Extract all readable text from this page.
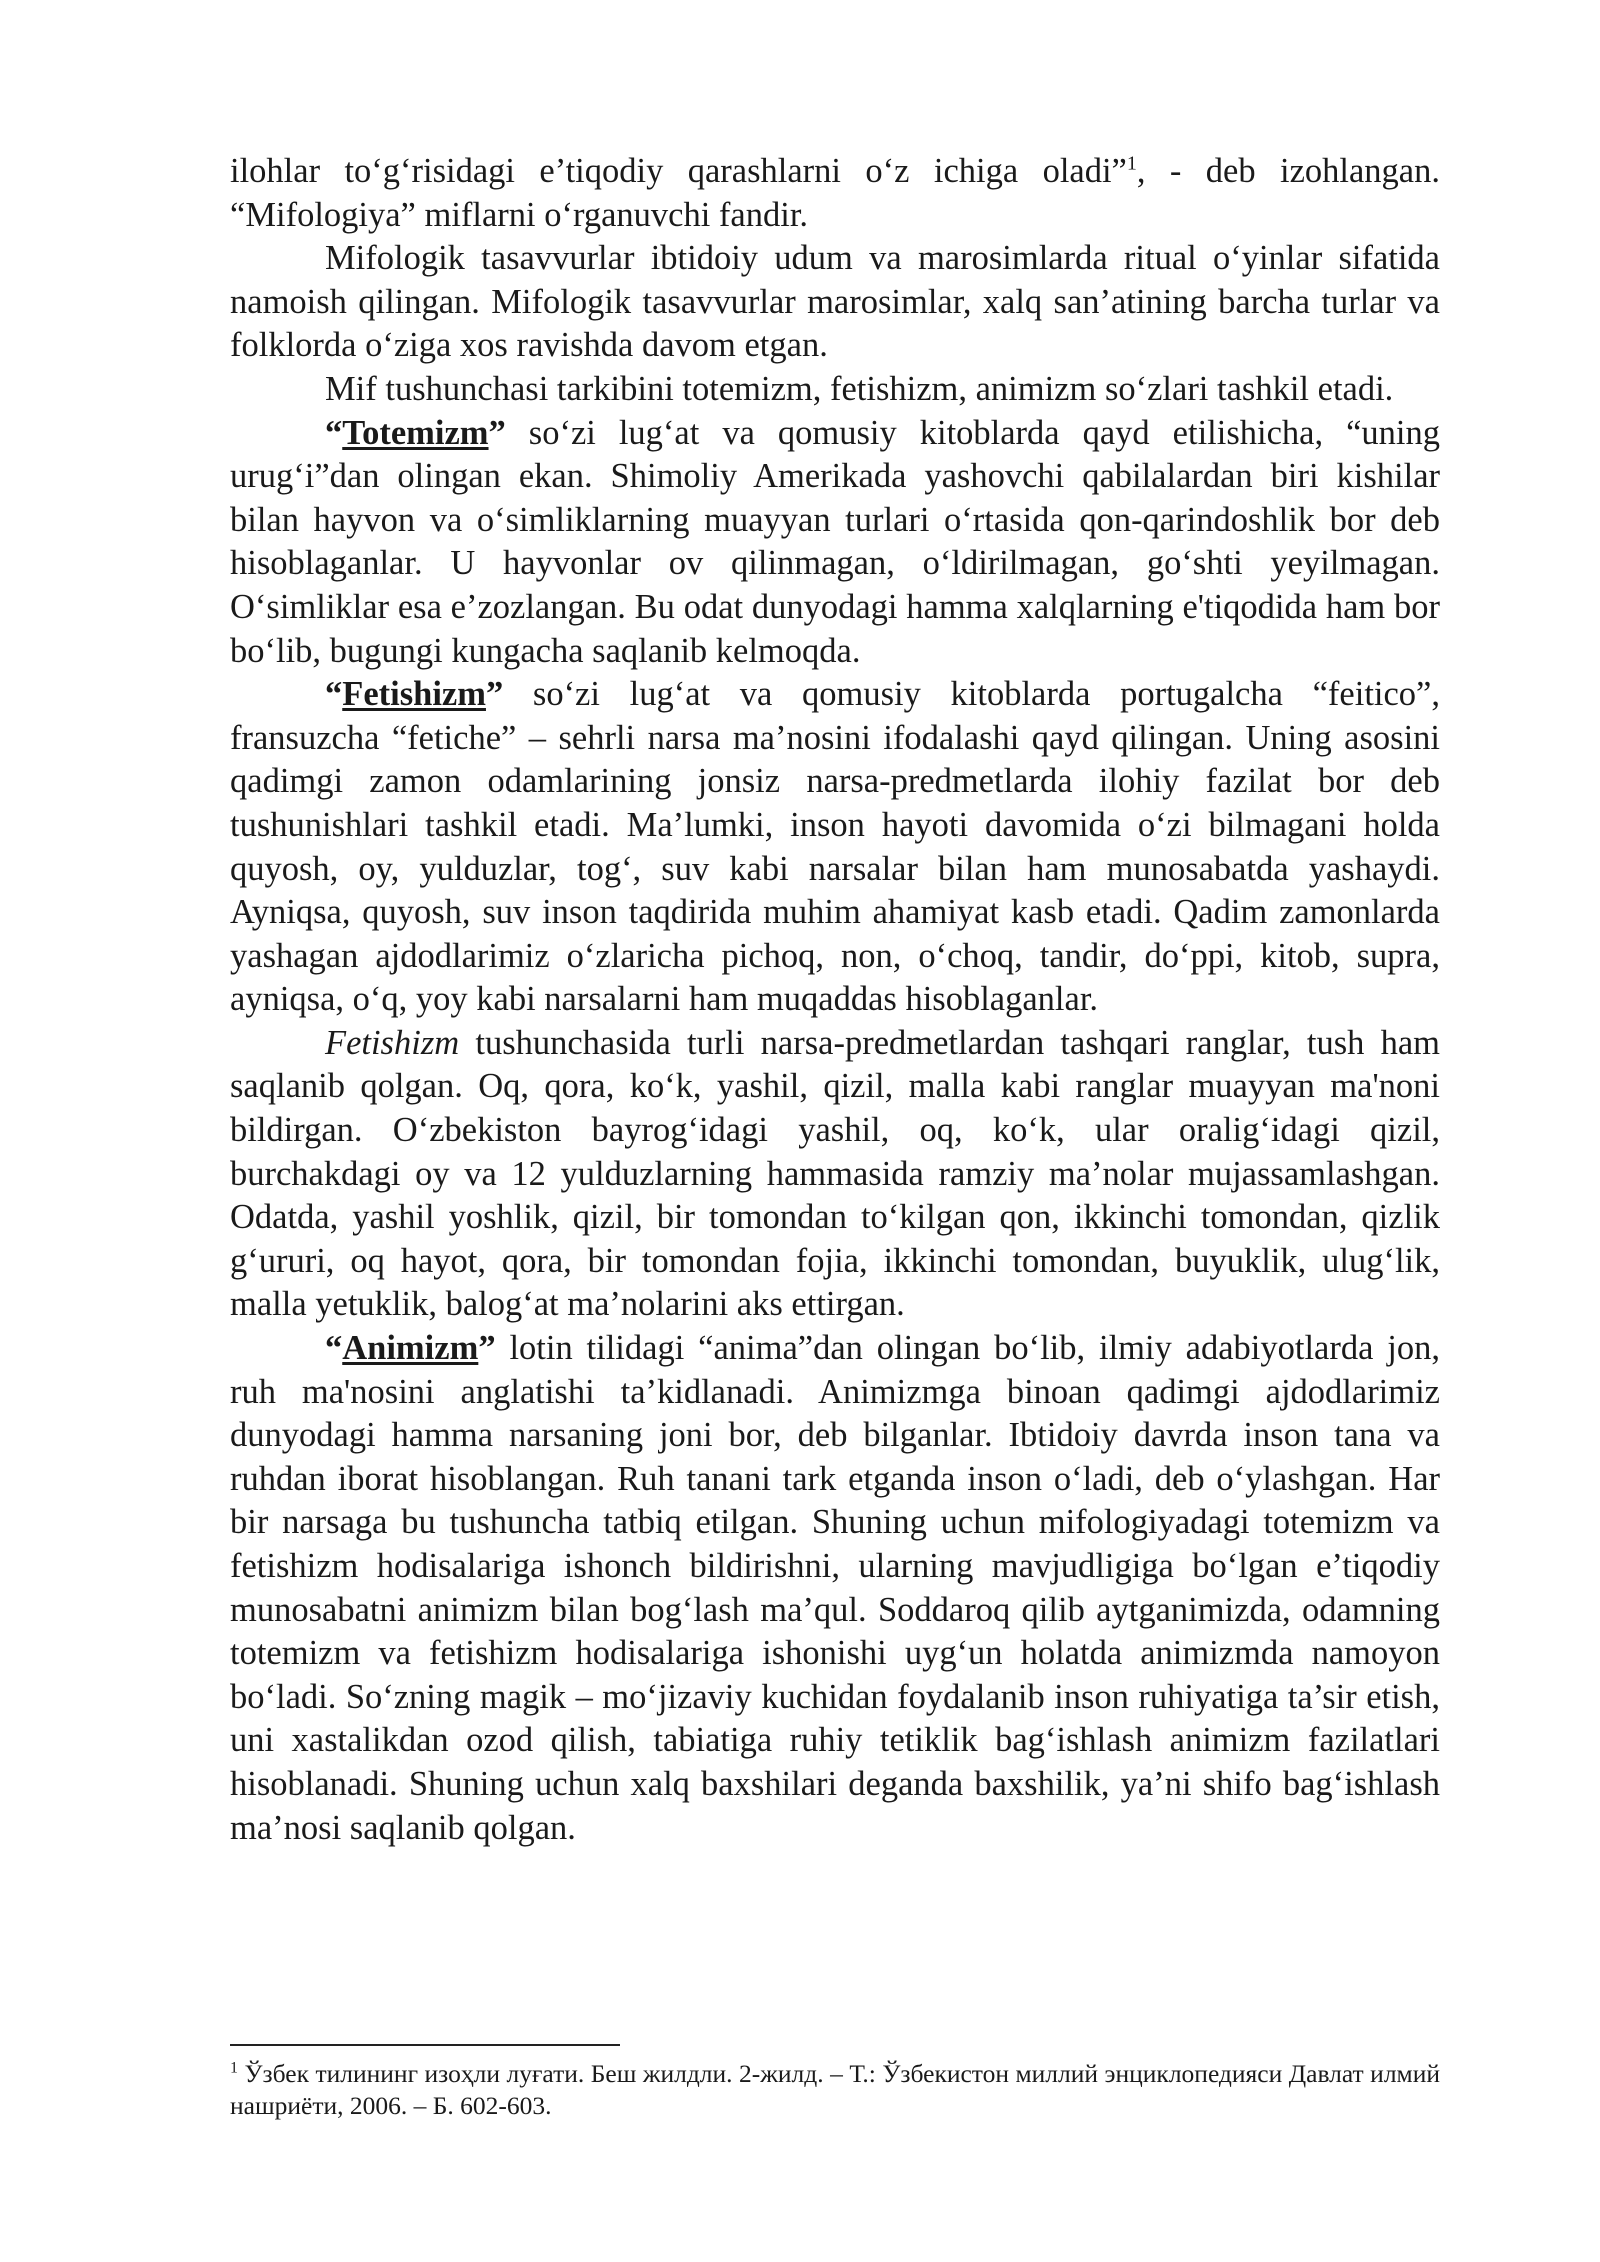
ilohlar to‘g‘risidagi e’tiqodiy qarashlarni o‘z ichiga oladi”$^1$, - deb izohlangan. “Mifologiya” miflarni o‘rganuvchi fandir.

Mifologik tasavvurlar ibtidoiy udum va marosimlarda ritual o‘yinlar sifatida namoish qilingan. Mifologik tasavvurlar marosimlar, xalq san’atining barcha turlar va folklorda o‘ziga xos ravishda davom etgan.

Mif tushunchasi tarkibini totemizm, fetishizm, animizm so‘zlari tashkil etadi.

“Totemizm” so‘zi lug‘at va qomusiy kitoblarda qayd etilishicha, “uning urug‘i”dan olingan ekan. Shimoliy Amerikada yashovchi qabilalardan biri kishilar bilan hayvon va o‘simliklarning muayyan turlari o‘rtasida qon-qarindoshlik bor deb hisoblaganlar. U hayvonlar ov qilinmagan, o‘ldirilmagan, go‘shti yeyilmagan. O‘simliklar esa e’zozlangan. Bu odat dunyodagi hamma xalqlarning e'tiqodida ham bor bo‘lib, bugungi kungacha saqlanib kelmoqda.

“Fetishizm” so‘zi lug‘at va qomusiy kitoblarda portugalcha “feitico”, fransuzcha “fetiche” – sehrli narsa ma’nosini ifodalashi qayd qilingan. Uning asosini qadimgi zamon odamlarining jonsiz narsa-predmetlarda ilohiy fazilat bor deb tushunishlari tashkil etadi. Ma’lumki, inson hayoti davomida o‘zi bilmagani holda quyosh, oy, yulduzlar, tog‘, suv kabi narsalar bilan ham munosabatda yashaydi. Ayniqsa, quyosh, suv inson taqdirida muhim ahamiyat kasb etadi. Qadim zamonlarda yashagan ajdodlarimiz o‘zlaricha pichoq, non, o‘choq, tandir, do‘ppi, kitob, supra, ayniqsa, o‘q, yoy kabi narsalarni ham muqaddas hisoblaganlar.

Fetishizm tushunchasida turli narsa-predmetlardan tashqari ranglar, tush ham saqlanib qolgan. Oq, qora, ko‘k, yashil, qizil, malla kabi ranglar muayyan ma'noni bildirgan. O‘zbekiston bayrog‘idagi yashil, oq, ko‘k, ular oralig‘idagi qizil, burchakdagi oy va 12 yulduzlarning hammasida ramziy ma’nolar mujassamlashgan. Odatda, yashil yoshlik, qizil, bir tomondan to‘kilgan qon, ikkinchi tomondan, qizlik g‘ururi, oq hayot, qora, bir tomondan fojia, ikkinchi tomondan, buyuklik, ulug‘lik, malla yetuklik, balog‘at ma’nolarini aks ettirgan.

“Animizm” lotin tilidagi “anima”dan olingan bo‘lib, ilmiy adabiyotlarda jon, ruh ma'nosini anglatishi ta’kidlanadi. Animizmga binoan qadimgi ajdodlarimiz dunyodagi hamma narsaning joni bor, deb bilganlar. Ibtidoiy davrda inson tana va ruhdan iborat hisoblangan. Ruh tanani tark etganda inson o‘ladi, deb o‘ylashgan. Har bir narsaga bu tushuncha tatbiq etilgan. Shuning uchun mifologiyadagi totemizm va fetishizm hodisalariga ishonch bildirishni, ularning mavjudligiga bo‘lgan e’tiqodiy munosabatni animizm bilan bog‘lash ma’qul. Soddaroq qilib aytganimizda, odamning totemizm va fetishizm hodisalariga ishonishi uyg‘un holatda animizmda namoyon bo‘ladi. So‘zning magik – mo‘jizaviy kuchidan foydalanib inson ruhiyatiga ta’sir etish, uni xastalikdan ozod qilish, tabiatiga ruhiy tetiklik bag‘ishlash animizm fazilatlari hisoblanadi. Shuning uchun xalq baxshilari deganda baxshilik, ya’ni shifo bag‘ishlash ma’nosi saqlanib qolgan.

$^1$ Ўзбек тилининг изоҳли луғати. Беш жилдли. 2-жилд. – Т.: Ўзбекистон миллий энциклопедияси Давлат илмий нашриёти, 2006. – Б. 602-603.
